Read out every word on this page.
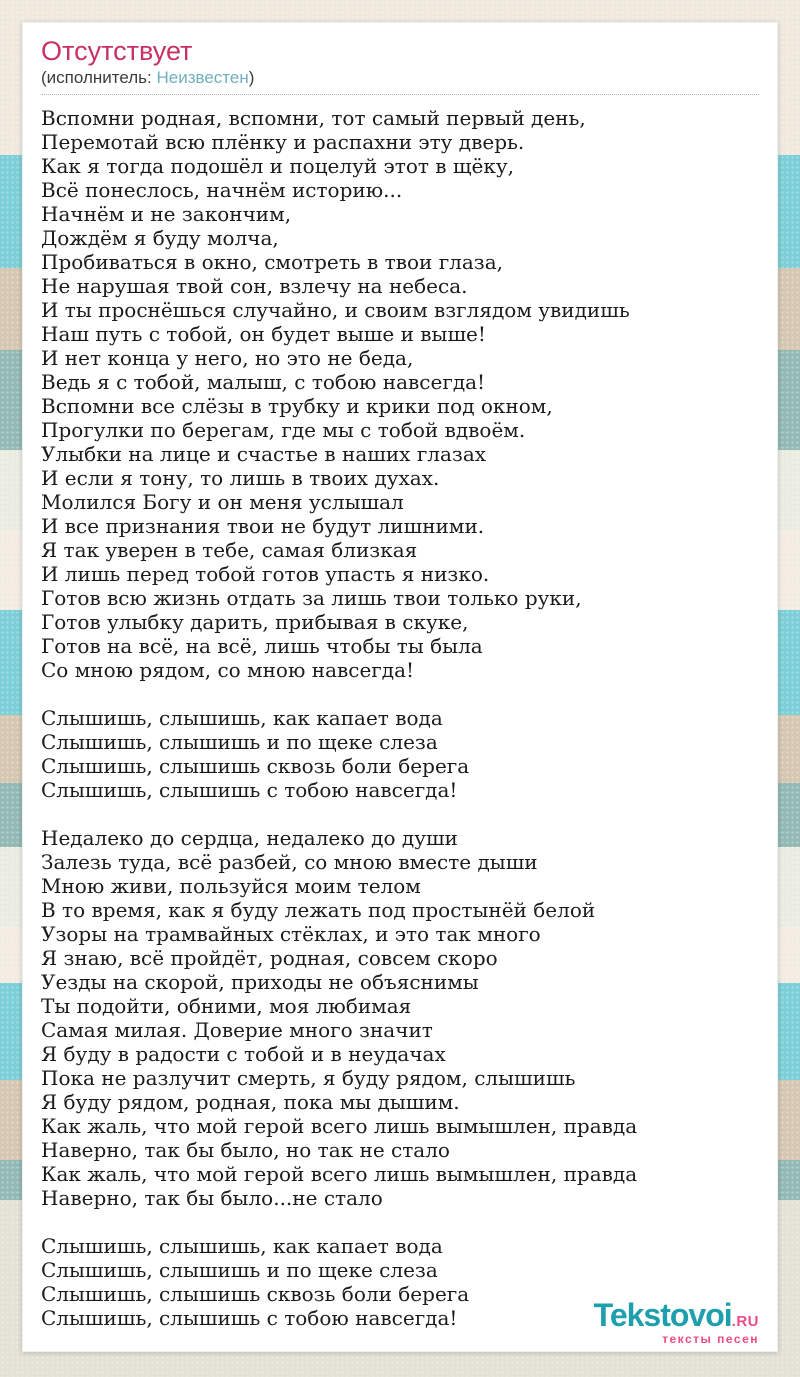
Отсутствует
(исполнитель: Неизвестен)

Вспомни родная, вспомни, тот самый первый день,
Перемотай всю плёнку и распахни эту дверь.
Как я тогда подошёл и поцелуй этот в щёку,
Всё понеслось, начнём историю...
Начнём и не закончим,
Дождём я буду молча,
Пробиваться в окно, смотреть в твои глаза,
Не нарушая твой сон, взлечу на небеса.
И ты проснёшься случайно, и своим взглядом увидишь
Наш путь с тобой, он будет выше и выше!
И нет конца у него, но это не беда,
Ведь я с тобой, малыш, с тобою навсегда!
Вспомни все слёзы в трубку и крики под окном,
Прогулки по берегам, где мы с тобой вдвоём.
Улыбки на лице и счастье в наших глазах
И если я тону, то лишь в твоих духах.
Молился Богу и он меня услышал
И все признания твои не будут лишними.
Я так уверен в тебе, самая близкая
И лишь перед тобой готов упасть я низко.
Готов всю жизнь отдать за лишь твои только руки,
Готов улыбку дарить, прибывая в скуке,
Готов на всё, на всё, лишь чтобы ты была
Со мною рядом, со мною навсегда!

Слышишь, слышишь, как капает вода
Слышишь, слышишь и по щеке слеза
Слышишь, слышишь сквозь боли берега
Слышишь, слышишь с тобою навсегда!

Недалеко до сердца, недалеко до души
Залезь туда, всё разбей, со мною вместе дыши
Мною живи, пользуйся моим телом
В то время, как я буду лежать под простынёй белой
Узоры на трамвайных стёклах, и это так много
Я знаю, всё пройдёт, родная, совсем скоро
Уезды на скорой, приходы не объяснимы
Ты подойти, обними, моя любимая
Самая милая. Доверие много значит
Я буду в радости с тобой и в неудачах
Пока не разлучит смерть, я буду рядом, слышишь
Я буду рядом, родная, пока мы дышим.
Как жаль, что мой герой всего лишь вымышлен, правда
Наверно, так бы было, но так не стало
Как жаль, что мой герой всего лишь вымышлен, правда
Наверно, так бы было...не стало

Слышишь, слышишь, как капает вода
Слышишь, слышишь и по щеке слеза
Слышишь, слышишь сквозь боли берега
Слышишь, слышишь с тобою навсегда!	Tekstovoi.RU
тексты песен
